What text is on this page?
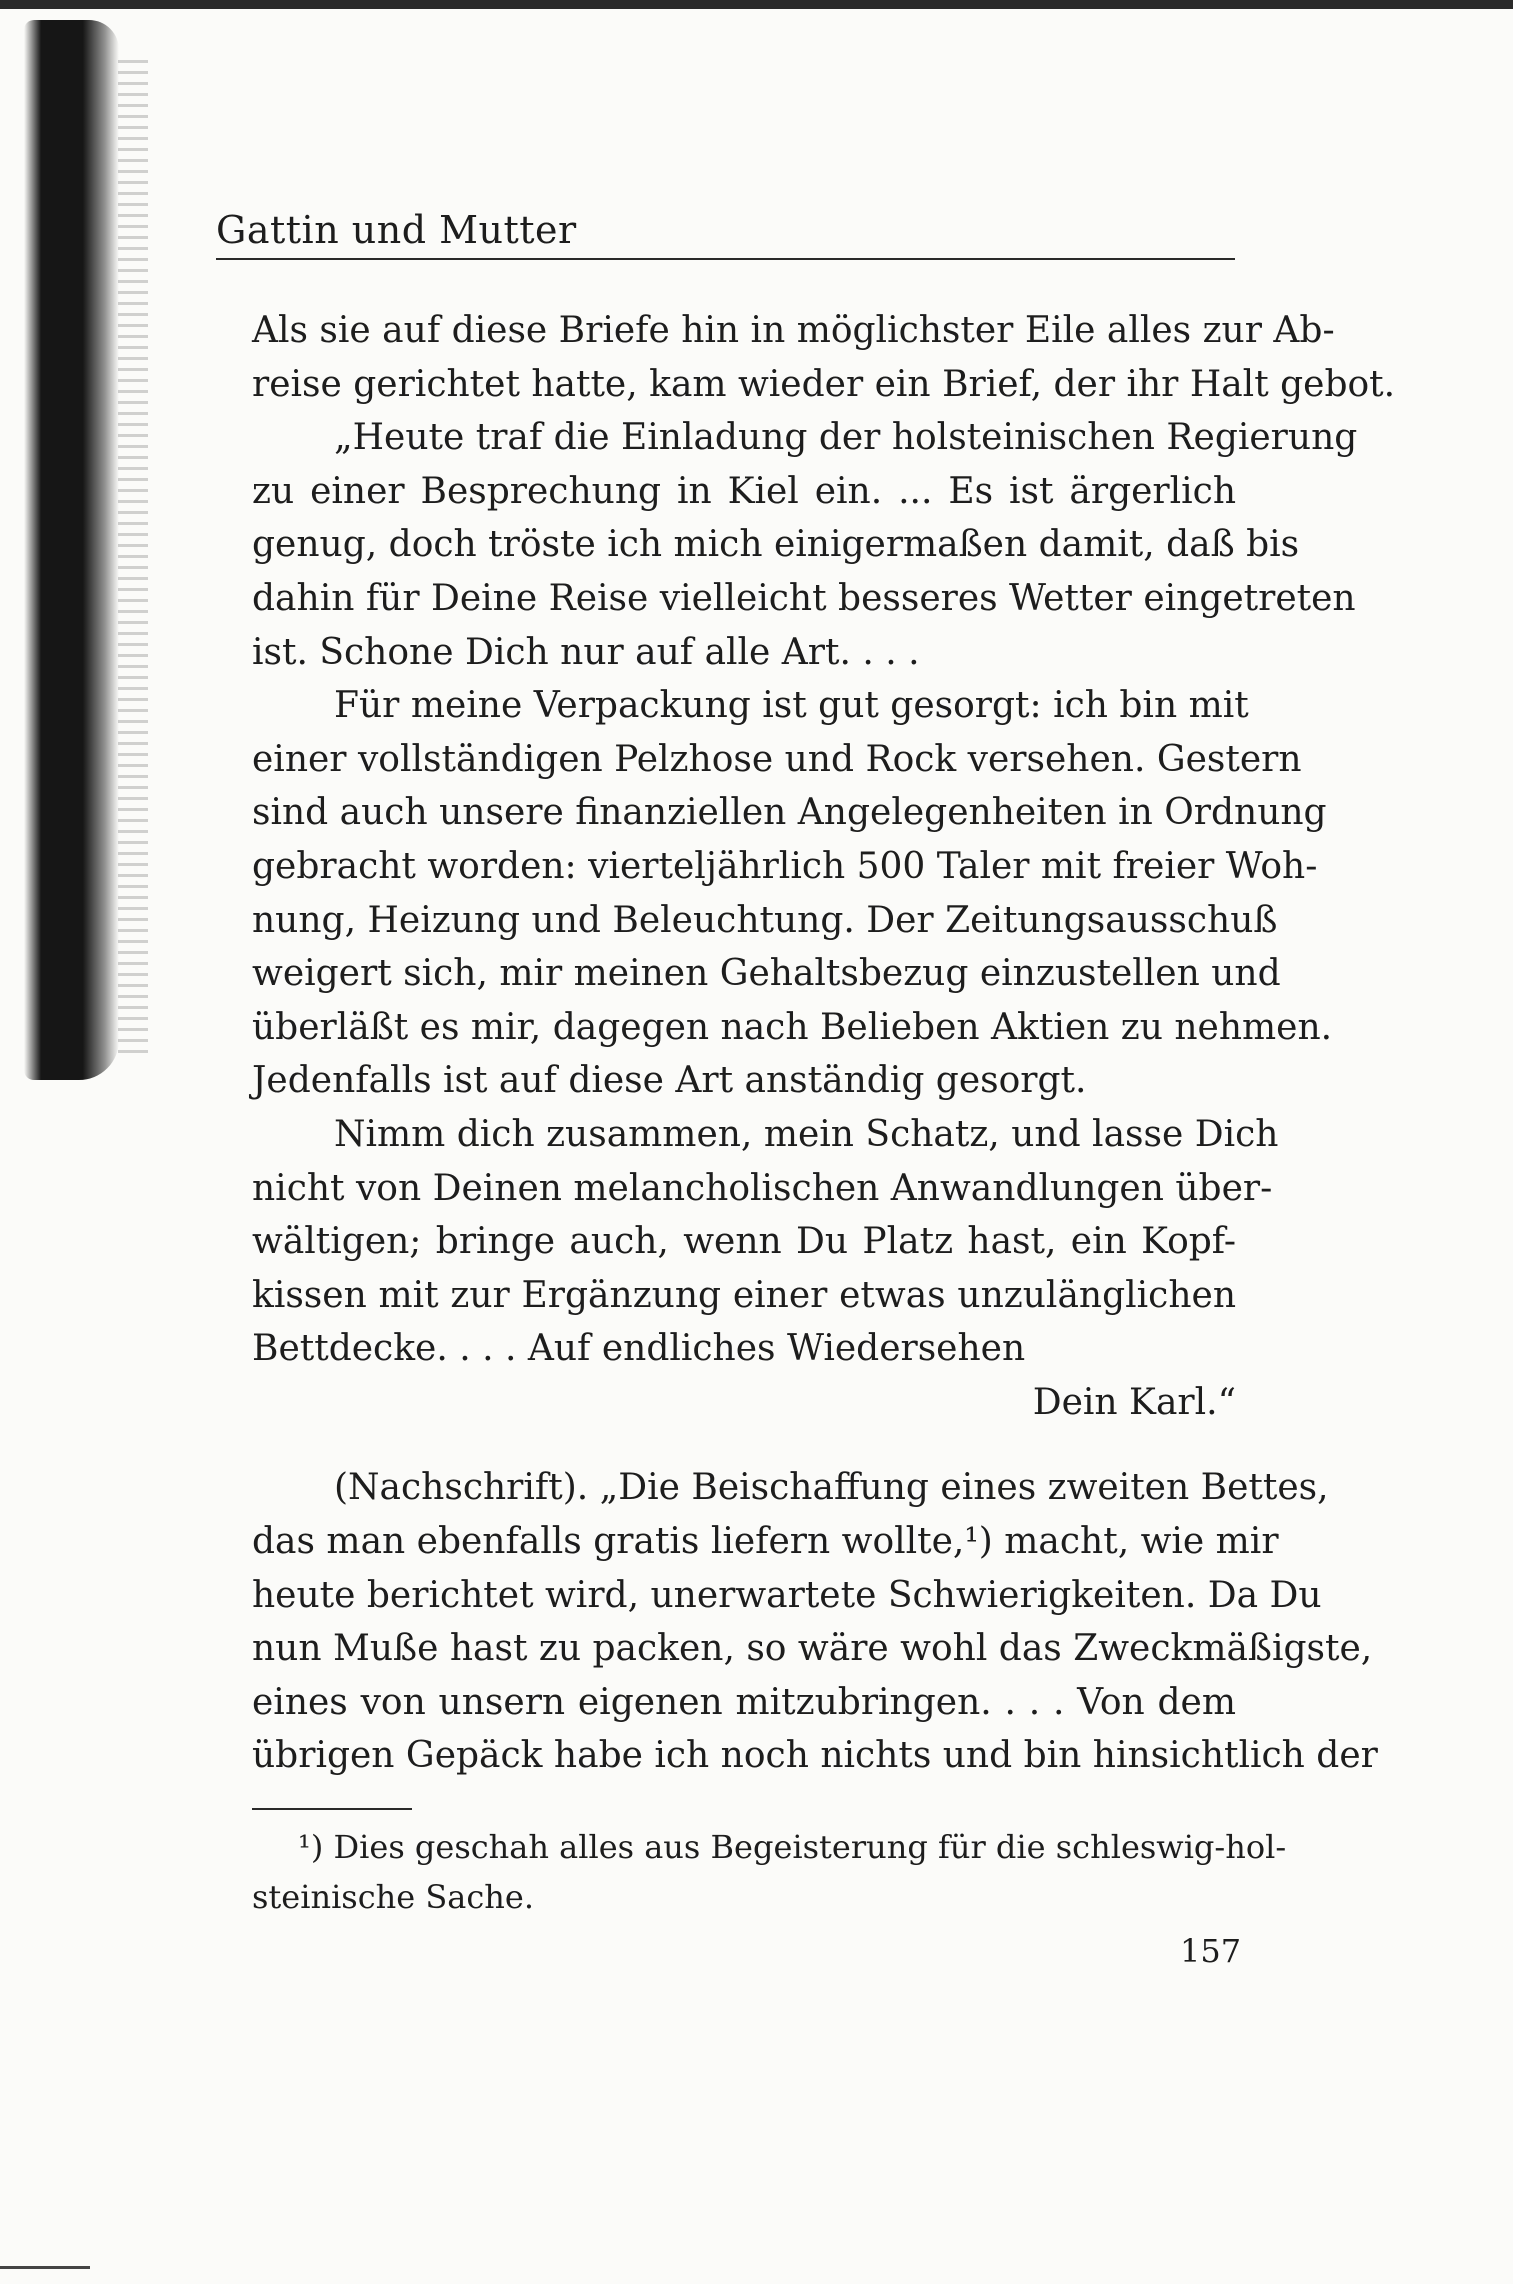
Gattin und Mutter
Als sie auf diese Briefe hin in möglichster Eile alles zur Ab-
reise gerichtet hatte, kam wieder ein Brief, der ihr Halt gebot.
„Heute traf die Einladung der holsteinischen Regierung
zu einer Besprechung in Kiel ein. ... Es ist ärgerlich
genug, doch tröste ich mich einigermaßen damit, daß bis
dahin für Deine Reise vielleicht besseres Wetter eingetreten
ist. Schone Dich nur auf alle Art. . . .
Für meine Verpackung ist gut gesorgt: ich bin mit
einer vollständigen Pelzhose und Rock versehen. Gestern
sind auch unsere finanziellen Angelegenheiten in Ordnung
gebracht worden: vierteljährlich 500 Taler mit freier Woh-
nung, Heizung und Beleuchtung. Der Zeitungsausschuß
weigert sich, mir meinen Gehaltsbezug einzustellen und
überläßt es mir, dagegen nach Belieben Aktien zu nehmen.
Jedenfalls ist auf diese Art anständig gesorgt.
Nimm dich zusammen, mein Schatz, und lasse Dich
nicht von Deinen melancholischen Anwandlungen über-
wältigen; bringe auch, wenn Du Platz hast, ein Kopf-
kissen mit zur Ergänzung einer etwas unzulänglichen
Bettdecke. . . . Auf endliches Wiedersehen
Dein Karl.“
(Nachschrift). „Die Beischaffung eines zweiten Bettes,
das man ebenfalls gratis liefern wollte,¹) macht, wie mir
heute berichtet wird, unerwartete Schwierigkeiten. Da Du
nun Muße hast zu packen, so wäre wohl das Zweckmäßigste,
eines von unsern eigenen mitzubringen. . . . Von dem
übrigen Gepäck habe ich noch nichts und bin hinsichtlich der
¹) Dies geschah alles aus Begeisterung für die schleswig-hol-
steinische Sache.
157
